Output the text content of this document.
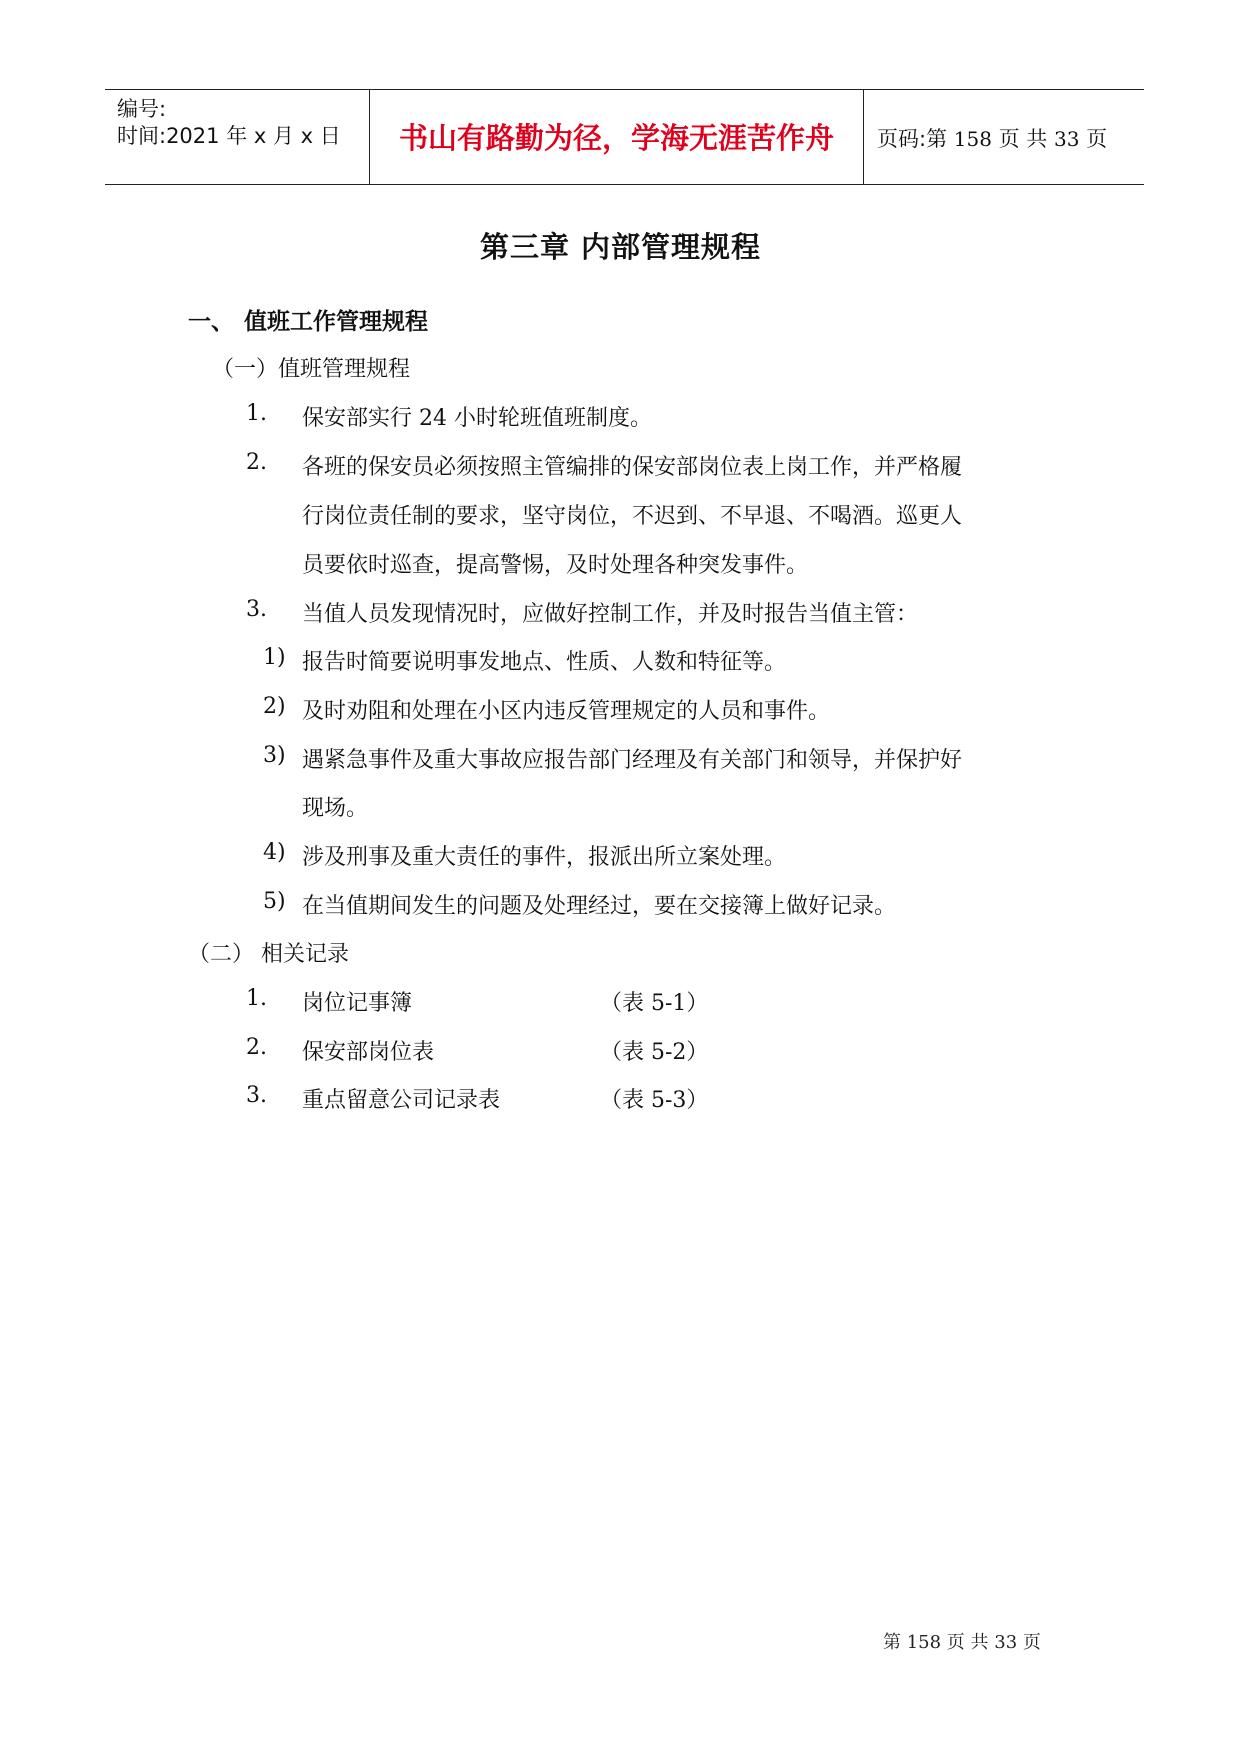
编号:
时间:2021 年 x 月 x 日	书山有路勤为径，学海无涯苦作舟	页码:第 158 页 共 33 页
第三章 内部管理规程
一、 值班工作管理规程
（一）值班管理规程
1. 保安部实行 24 小时轮班值班制度。
2. 各班的保安员必须按照主管编排的保安部岗位表上岗工作，并严格履
行岗位责任制的要求，坚守岗位，不迟到、不早退、不喝酒。巡更人
员要依时巡查，提高警惕，及时处理各种突发事件。
3. 当值人员发现情况时，应做好控制工作，并及时报告当值主管：
1) 报告时简要说明事发地点、性质、人数和特征等。
2) 及时劝阻和处理在小区内违反管理规定的人员和事件。
3) 遇紧急事件及重大事故应报告部门经理及有关部门和领导，并保护好
现场。
4) 涉及刑事及重大责任的事件，报派出所立案处理。
5) 在当值期间发生的问题及处理经过，要在交接簿上做好记录。
（二） 相关记录
1. 岗位记事簿	（表 5-1）
2. 保安部岗位表	（表 5-2）
3. 重点留意公司记录表	（表 5-3）
第 158 页 共 33 页
